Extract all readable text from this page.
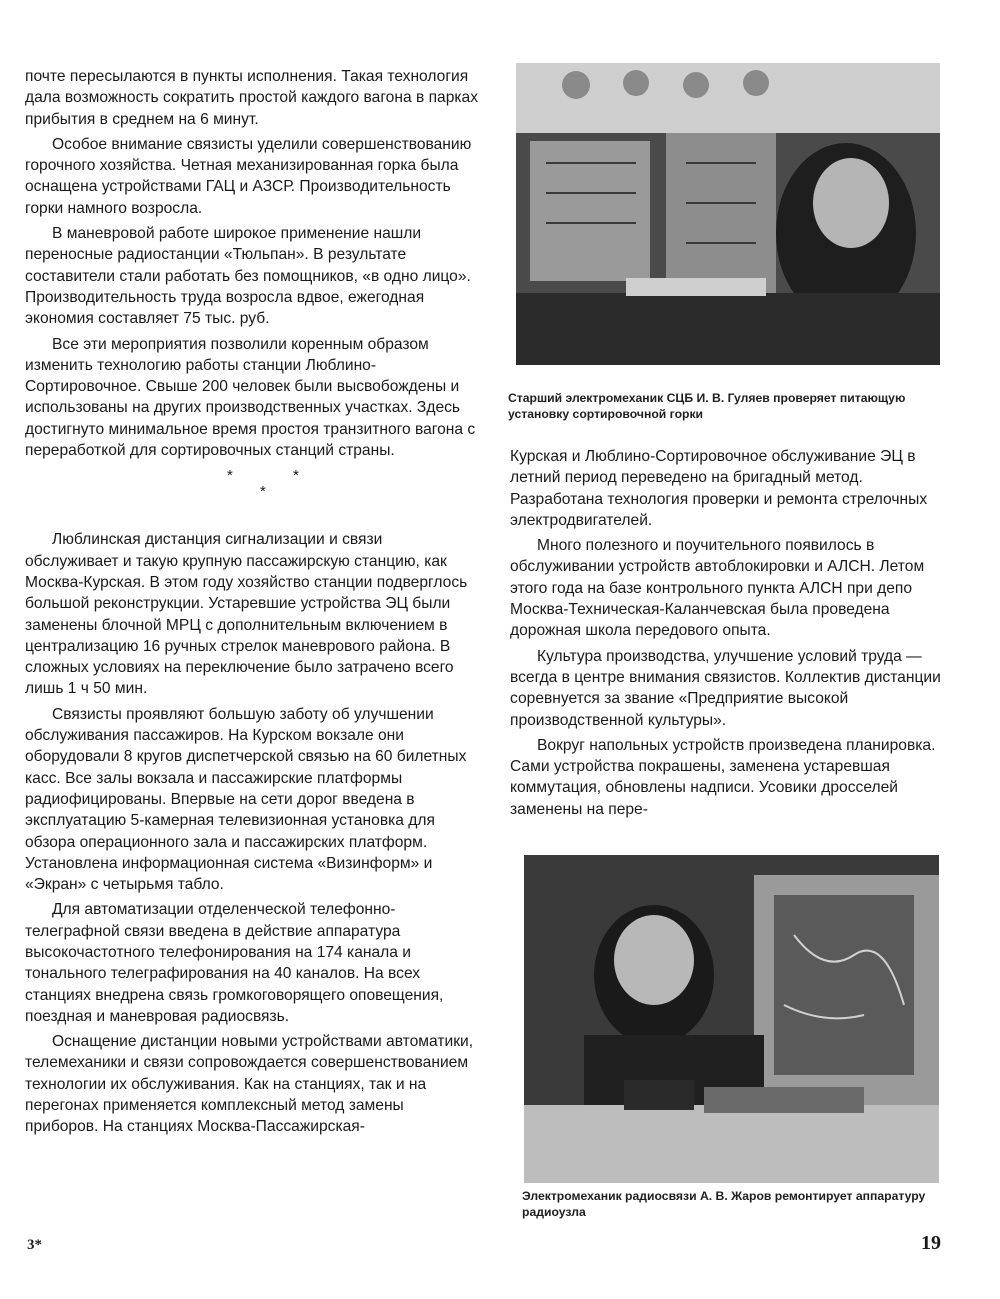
почте пересылаются в пункты исполнения. Такая технология дала возможность сократить простой каждого вагона в парках прибытия в среднем на 6 минут.

Особое внимание связисты уделили совершенствованию горочного хозяйства. Четная механизированная горка была оснащена устройствами ГАЦ и АЗСР. Производительность горки намного возросла.

В маневровой работе широкое применение нашли переносные радиостанции «Тюльпан». В результате составители стали работать без помощников, «в одно лицо». Производительность труда возросла вдвое, ежегодная экономия составляет 75 тыс. руб.

Все эти мероприятия позволили коренным образом изменить технологию работы станции Люблино-Сортировочное. Свыше 200 человек были высвобождены и использованы на других производственных участках. Здесь достигнуто минимальное время простоя транзитного вагона с переработкой для сортировочных станций страны.

*	*
*

Люблинская дистанция сигнализации и связи обслуживает и такую крупную пассажирскую станцию, как Москва-Курская. В этом году хозяйство станции подверглось большой реконструкции. Устаревшие устройства ЭЦ были заменены блочной МРЦ с дополнительным включением в централизацию 16 ручных стрелок маневрового района. В сложных условиях на переключение было затрачено всего лишь 1 ч 50 мин.

Связисты проявляют большую заботу об улучшении обслуживания пассажиров. На Курском вокзале они оборудовали 8 кругов диспетчерской связью на 60 билетных касс. Все залы вокзала и пассажирские платформы радиофицированы. Впервые на сети дорог введена в эксплуатацию 5-камерная телевизионная установка для обзора операционного зала и пассажирских платформ. Установлена информационная система «Визинформ» и «Экран» с четырьмя табло.

Для автоматизации отделенческой телефонно-телеграфной связи введена в действие аппаратура высокочастотного телефонирования на 174 канала и тонального телеграфирования на 40 каналов. На всех станциях внедрена связь громкоговорящего оповещения, поездная и маневровая радиосвязь.

Оснащение дистанции новыми устройствами автоматики, телемеханики и связи сопровождается совершенствованием технологии их обслуживания. Как на станциях, так и на перегонах применяется комплексный метод замены приборов. На станциях Москва-Пассажирская-

Старший электромеханик СЦБ И. В. Гуляев проверяет питающую установку сортировочной горки

Курская и Люблино-Сортировочное обслуживание ЭЦ в летний период переведено на бригадный метод. Разработана технология проверки и ремонта стрелочных электродвигателей.

Много полезного и поучительного появилось в обслуживании устройств автоблокировки и АЛСН. Летом этого года на базе контрольного пункта АЛСН при депо Москва-Техническая-Каланчевская была проведена дорожная школа передового опыта.

Культура производства, улучшение условий труда — всегда в центре внимания связистов. Коллектив дистанции соревнуется за звание «Предприятие высокой производственной культуры».

Вокруг напольных устройств произведена планировка. Сами устройства покрашены, заменена устаревшая коммутация, обновлены надписи. Усовики дросселей заменены на пере-

Электромеханик радиосвязи А. В. Жаров ремонтирует аппаратуру радиоузла
3*	19
